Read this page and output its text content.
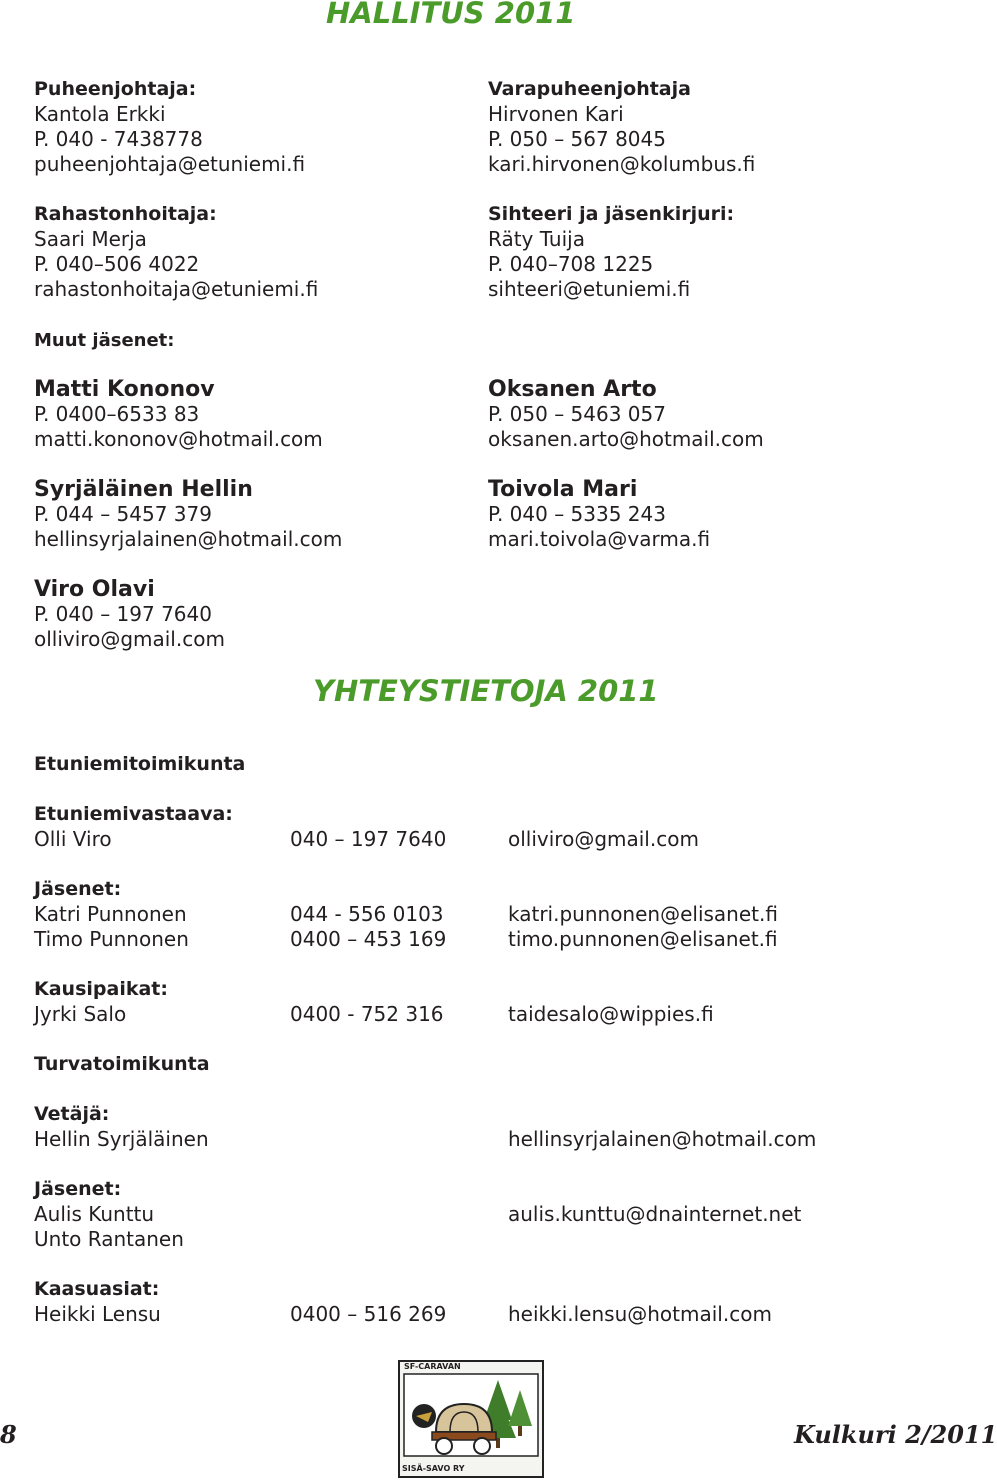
HALLITUS 2011
Puheenjohtaja:
Kantola Erkki
P. 040 - 7438778
puheenjohtaja@etuniemi.fi
Rahastonhoitaja:
Saari Merja
P. 040–506 4022
rahastonhoitaja@etuniemi.fi
Varapuheenjohtaja
Hirvonen Kari
P. 050 – 567 8045
kari.hirvonen@kolumbus.fi
Sihteeri ja jäsenkirjuri:
Räty Tuija
P. 040–708 1225
sihteeri@etuniemi.fi
Muut jäsenet:
Matti Kononov
P. 0400–6533 83
matti.kononov@hotmail.com
Oksanen Arto
P. 050 – 5463 057
oksanen.arto@hotmail.com
Syrjäläinen Hellin
P. 044 – 5457 379
hellinsyrjalainen@hotmail.com
Toivola Mari
P. 040 – 5335 243
mari.toivola@varma.fi
Viro Olavi
P. 040 – 197 7640
olliviro@gmail.com
YHTEYSTIETOJA 2011
Etuniemitoimikunta
Etuniemivastaava:
Olli Viro	040 – 197 7640	olliviro@gmail.com
Jäsenet:
Katri Punnonen	044 - 556 0103	katri.punnonen@elisanet.fi
Timo Punnonen	0400 – 453 169	timo.punnonen@elisanet.fi
Kausipaikat:
Jyrki Salo	0400 - 752 316	taidesalo@wippies.fi
Turvatoimikunta
Vetäjä:
Hellin Syrjäläinen	hellinsyrjalainen@hotmail.com
Jäsenet:
Aulis Kunttu	aulis.kunttu@dnainternet.net
Unto Rantanen
Kaasuasiat:
Heikki Lensu	0400 – 516 269	heikki.lensu@hotmail.com
SF-CARAVAN
SISÄ-SAVO RY
8	Kulkuri 2/2011
